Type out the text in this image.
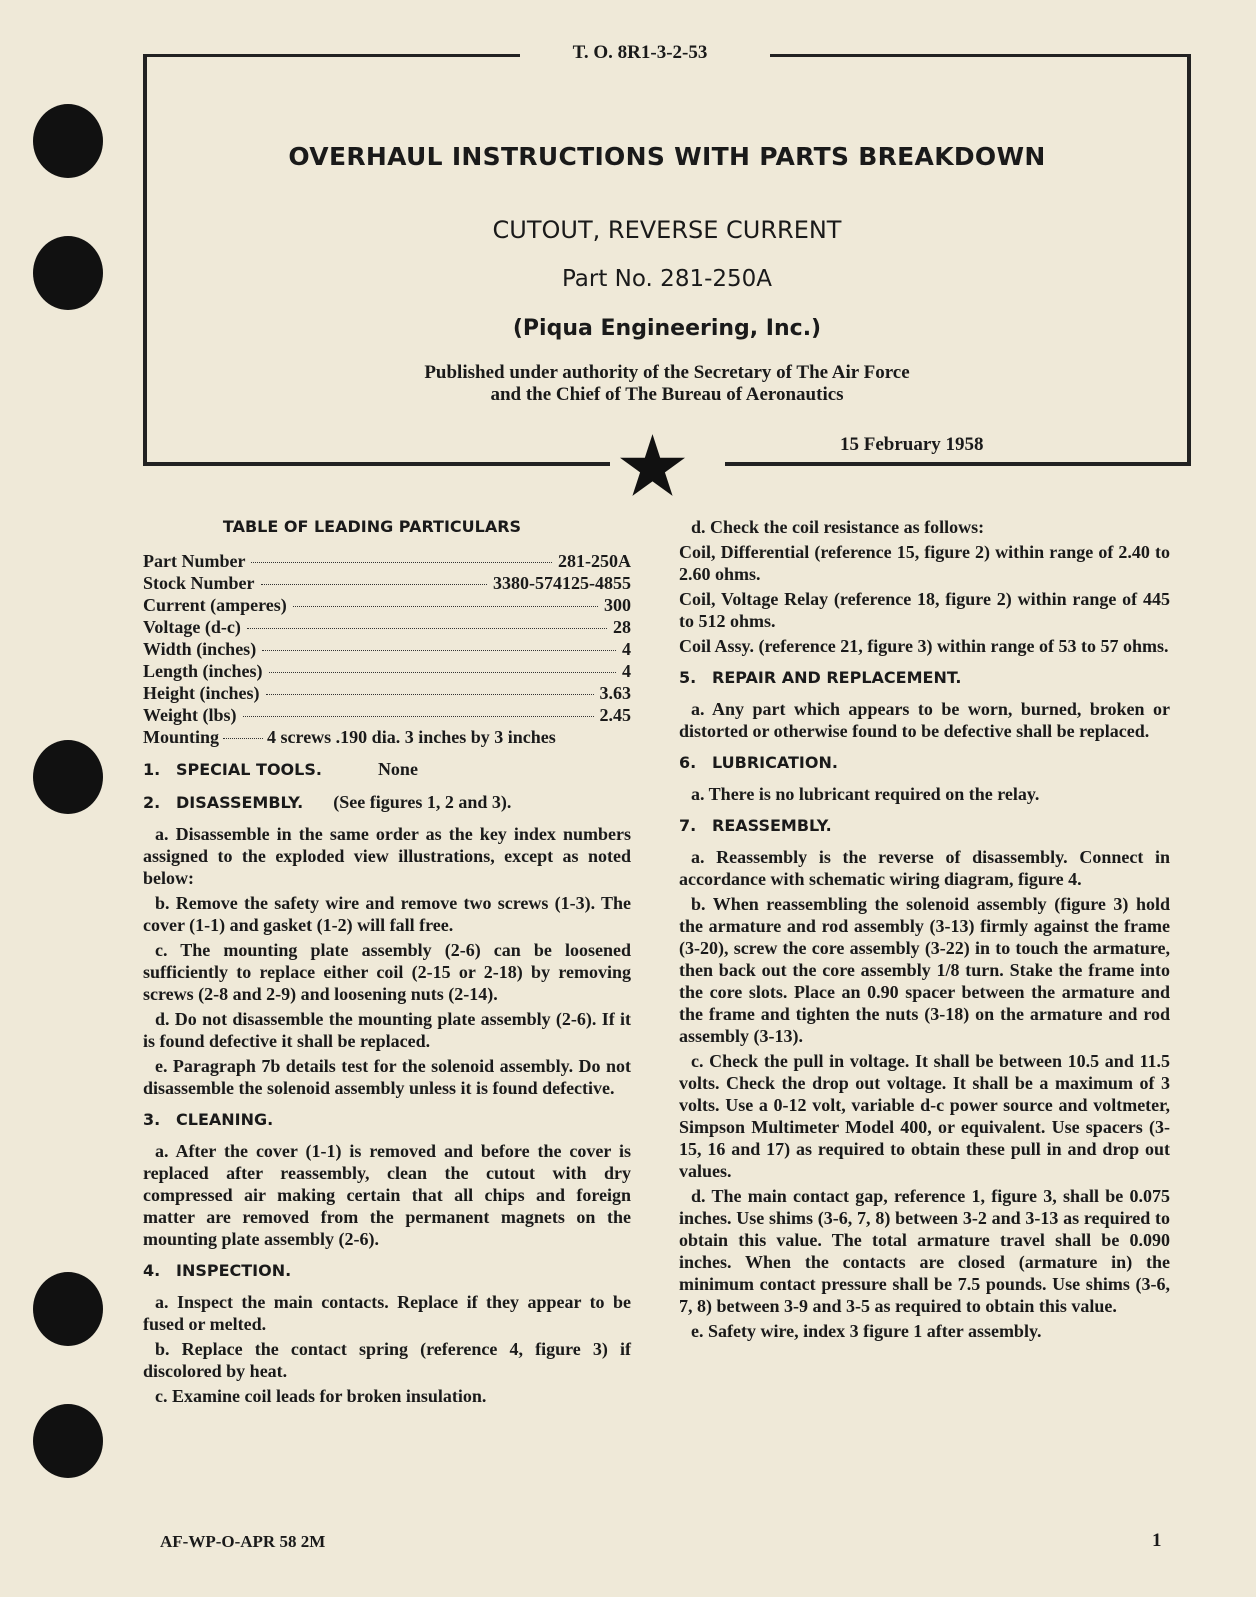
T. O. 8R1-3-2-53
OVERHAUL INSTRUCTIONS WITH PARTS BREAKDOWN
CUTOUT, REVERSE CURRENT
Part No. 281-250A
(Piqua Engineering, Inc.)
Published under authority of the Secretary of The Air Force
and the Chief of The Bureau of Aeronautics
15 February 1958
TABLE OF LEADING PARTICULARS
Part Number	281-250A
Stock Number	3380-574125-4855
Current (amperes)	300
Voltage (d-c)	28
Width (inches)	4
Length (inches)	4
Height (inches)	3.63
Weight (lbs)	2.45
Mounting	4 screws .190 dia. 3 inches by 3 inches
1. SPECIAL TOOLS.	None
2. DISASSEMBLY. (See figures 1, 2 and 3).

a. Disassemble in the same order as the key index numbers assigned to the exploded view illustrations, except as noted below:

b. Remove the safety wire and remove two screws (1-3). The cover (1-1) and gasket (1-2) will fall free.

c. The mounting plate assembly (2-6) can be loosened sufficiently to replace either coil (2-15 or 2-18) by removing screws (2-8 and 2-9) and loosening nuts (2-14).

d. Do not disassemble the mounting plate assembly (2-6). If it is found defective it shall be replaced.

e. Paragraph 7b details test for the solenoid assembly. Do not disassemble the solenoid assembly unless it is found defective.

3. CLEANING.

a. After the cover (1-1) is removed and before the cover is replaced after reassembly, clean the cutout with dry compressed air making certain that all chips and foreign matter are removed from the permanent magnets on the mounting plate assembly (2-6).

4. INSPECTION.

a. Inspect the main contacts. Replace if they appear to be fused or melted.

b. Replace the contact spring (reference 4, figure 3) if discolored by heat.

c. Examine coil leads for broken insulation.

d. Check the coil resistance as follows:

Coil, Differential (reference 15, figure 2) within range of 2.40 to 2.60 ohms.

Coil, Voltage Relay (reference 18, figure 2) within range of 445 to 512 ohms.

Coil Assy. (reference 21, figure 3) within range of 53 to 57 ohms.

5. REPAIR AND REPLACEMENT.

a. Any part which appears to be worn, burned, broken or distorted or otherwise found to be defective shall be replaced.

6. LUBRICATION.

a. There is no lubricant required on the relay.

7. REASSEMBLY.

a. Reassembly is the reverse of disassembly. Connect in accordance with schematic wiring diagram, figure 4.

b. When reassembling the solenoid assembly (figure 3) hold the armature and rod assembly (3-13) firmly against the frame (3-20), screw the core assembly (3-22) in to touch the armature, then back out the core assembly 1/8 turn. Stake the frame into the core slots. Place an 0.90 spacer between the armature and the frame and tighten the nuts (3-18) on the armature and rod assembly (3-13).

c. Check the pull in voltage. It shall be between 10.5 and 11.5 volts. Check the drop out voltage. It shall be a maximum of 3 volts. Use a 0-12 volt, variable d-c power source and voltmeter, Simpson Multimeter Model 400, or equivalent. Use spacers (3-15, 16 and 17) as required to obtain these pull in and drop out values.

d. The main contact gap, reference 1, figure 3, shall be 0.075 inches. Use shims (3-6, 7, 8) between 3-2 and 3-13 as required to obtain this value. The total armature travel shall be 0.090 inches. When the contacts are closed (armature in) the minimum contact pressure shall be 7.5 pounds. Use shims (3-6, 7, 8) between 3-9 and 3-5 as required to obtain this value.

e. Safety wire, index 3 figure 1 after assembly.

AF-WP-O-APR 58 2M	1
